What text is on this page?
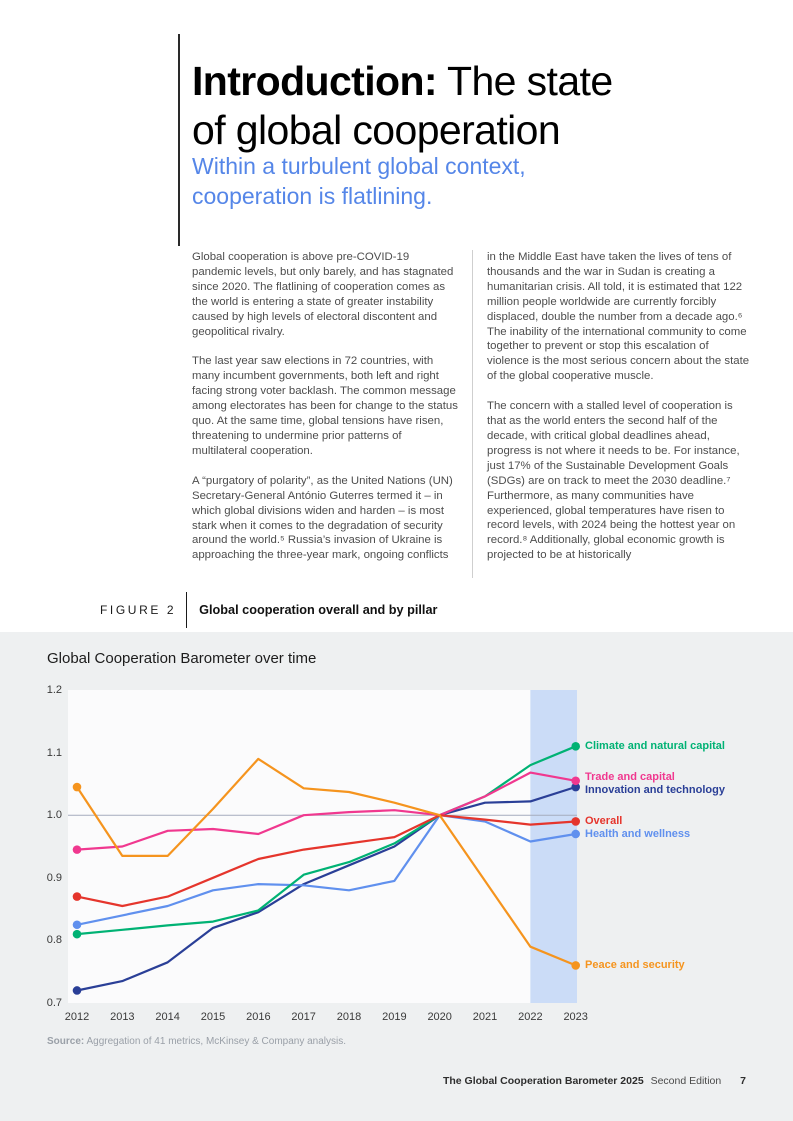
Introduction: The state
of global cooperation
Within a turbulent global context, cooperation is flatlining.

Global cooperation is above pre-COVID-19 pandemic levels, but only barely, and has stagnated since 2020. The flatlining of cooperation comes as the world is entering a state of greater instability caused by high levels of electoral discontent and geopolitical rivalry.

The last year saw elections in 72 countries, with many incumbent governments, both left and right facing strong voter backlash. The common message among electorates has been for change to the status quo. At the same time, global tensions have risen, threatening to undermine prior patterns of multilateral cooperation.

A “purgatory of polarity”, as the United Nations (UN) Secretary-General António Guterres termed it – in which global divisions widen and harden – is most stark when it comes to the degradation of security around the world.⁵ Russia’s invasion of Ukraine is approaching the three-year mark, ongoing conflicts

in the Middle East have taken the lives of tens of thousands and the war in Sudan is creating a humanitarian crisis. All told, it is estimated that 122 million people worldwide are currently forcibly displaced, double the number from a decade ago.⁶ The inability of the international community to come together to prevent or stop this escalation of violence is the most serious concern about the state of the global cooperative muscle.

The concern with a stalled level of cooperation is that as the world enters the second half of the decade, with critical global deadlines ahead, progress is not where it needs to be. For instance, just 17% of the Sustainable Development Goals (SDGs) are on track to meet the 2030 deadline.⁷ Furthermore, as many communities have experienced, global temperatures have risen to record levels, with 2024 being the hottest year on record.⁸ Additionally, global economic growth is projected to be at historically

FIGURE 2 Global cooperation overall and by pillar
Global Cooperation Barometer over time
1.2
1.1
1.0
0.9
0.8
0.7
2012	2013	2014	2015	2016	2017	2018	2019	2020	2021	2022	2023
Climate and natural capital
Trade and capital
Innovation and technology
Overall
Health and wellness
Peace and security
Source: Aggregation of 41 metrics, McKinsey & Company analysis.
The Global Cooperation Barometer 2025 Second Edition 7
